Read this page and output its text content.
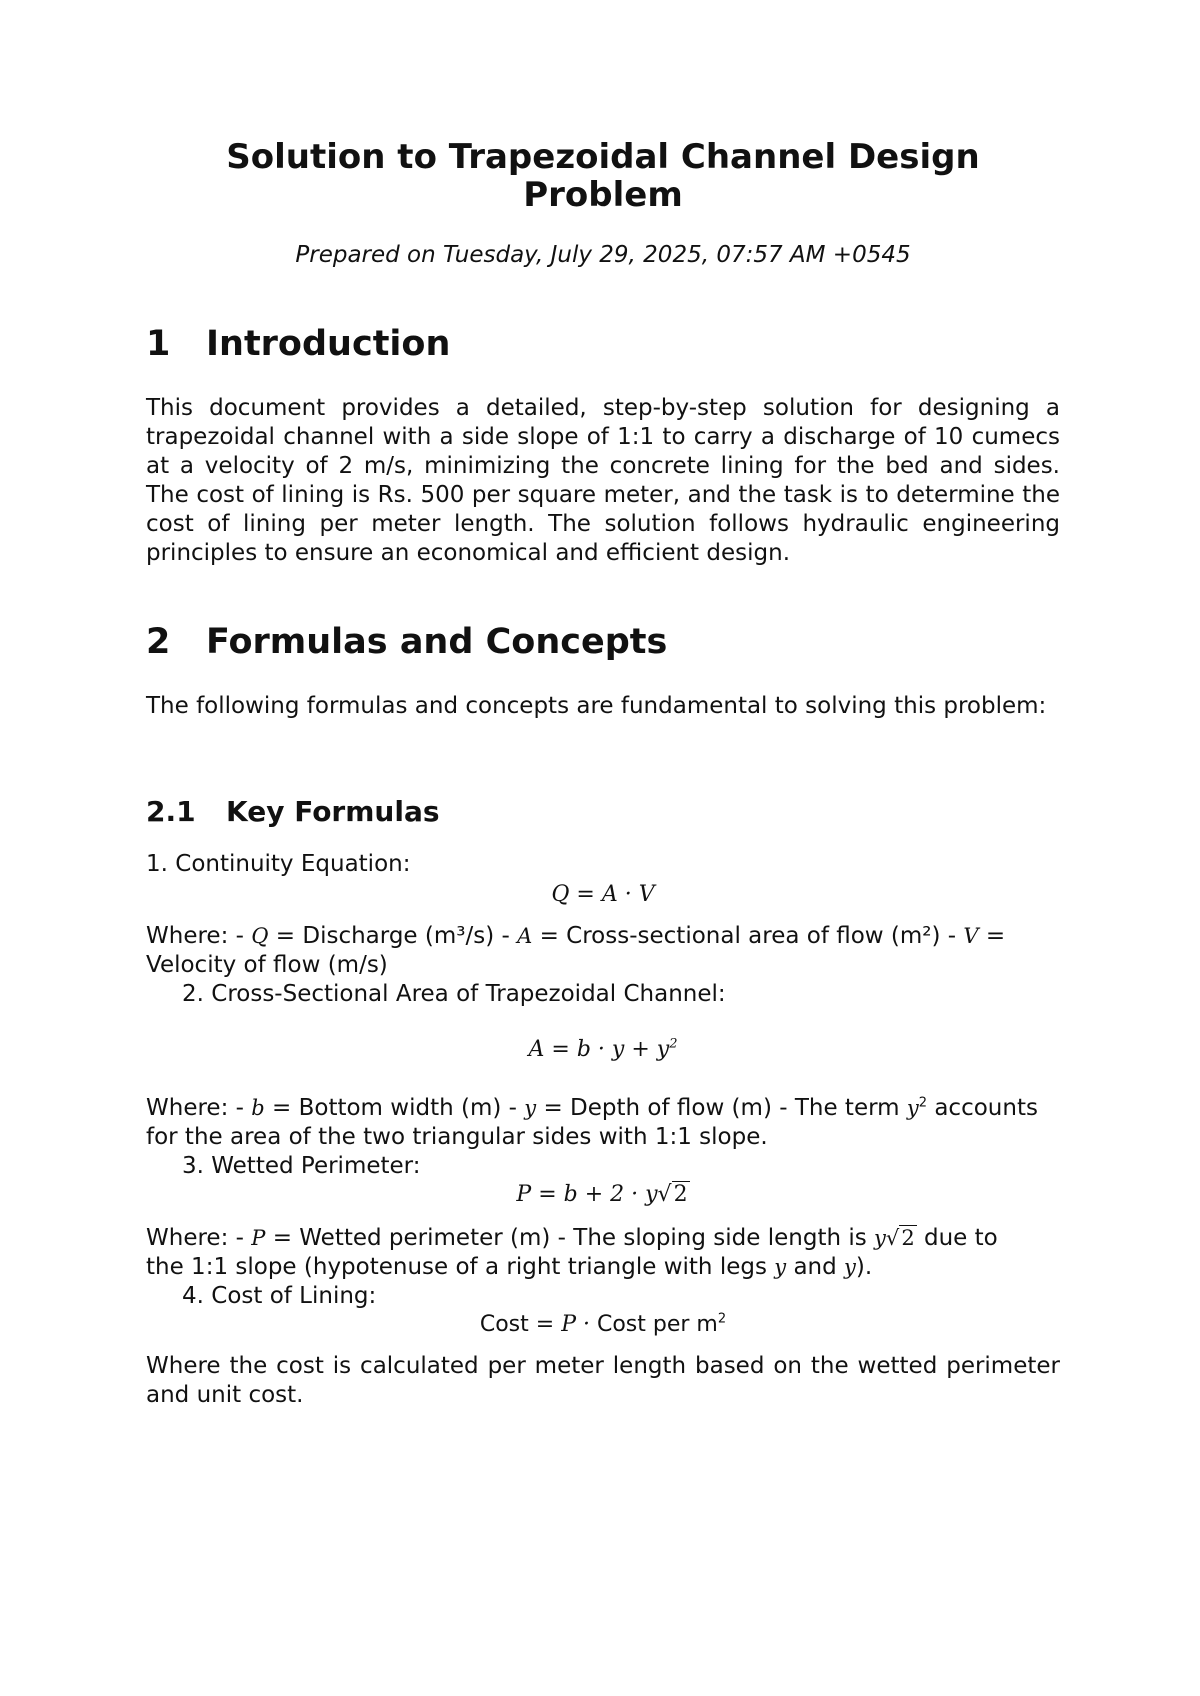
Solution to Trapezoidal Channel Design Problem
Prepared on Tuesday, July 29, 2025, 07:57 AM +0545
1 Introduction
This document provides a detailed, step-by-step solution for designing a trapezoidal channel with a side slope of 1:1 to carry a discharge of 10 cumecs at a velocity of 2 m/s, minimizing the concrete lining for the bed and sides. The cost of lining is Rs. 500 per square meter, and the task is to determine the cost of lining per meter length. The solution follows hydraulic engineering principles to ensure an economical and efficient design.
2 Formulas and Concepts
The following formulas and concepts are fundamental to solving this problem:
2.1 Key Formulas
1. Continuity Equation:
Q = A · V
Where: - Q = Discharge (m³/s) - A = Cross-sectional area of flow (m²) - V =
Velocity of flow (m/s)
2. Cross-Sectional Area of Trapezoidal Channel:
$A = b \cdot y + y^2$
Where: - b = Bottom width (m) - y = Depth of flow (m) - The term $y^2$ accounts
for the area of the two triangular sides with 1:1 slope.
3. Wetted Perimeter:
P = b + 2 · y√2
Where: - P = Wetted perimeter (m) - The sloping side length is y√2 due to
the 1:1 slope (hypotenuse of a right triangle with legs y and y).
4. Cost of Lining:
Cost = P · Cost per $m^2$
Where the cost is calculated per meter length based on the wetted perimeter and unit cost.
